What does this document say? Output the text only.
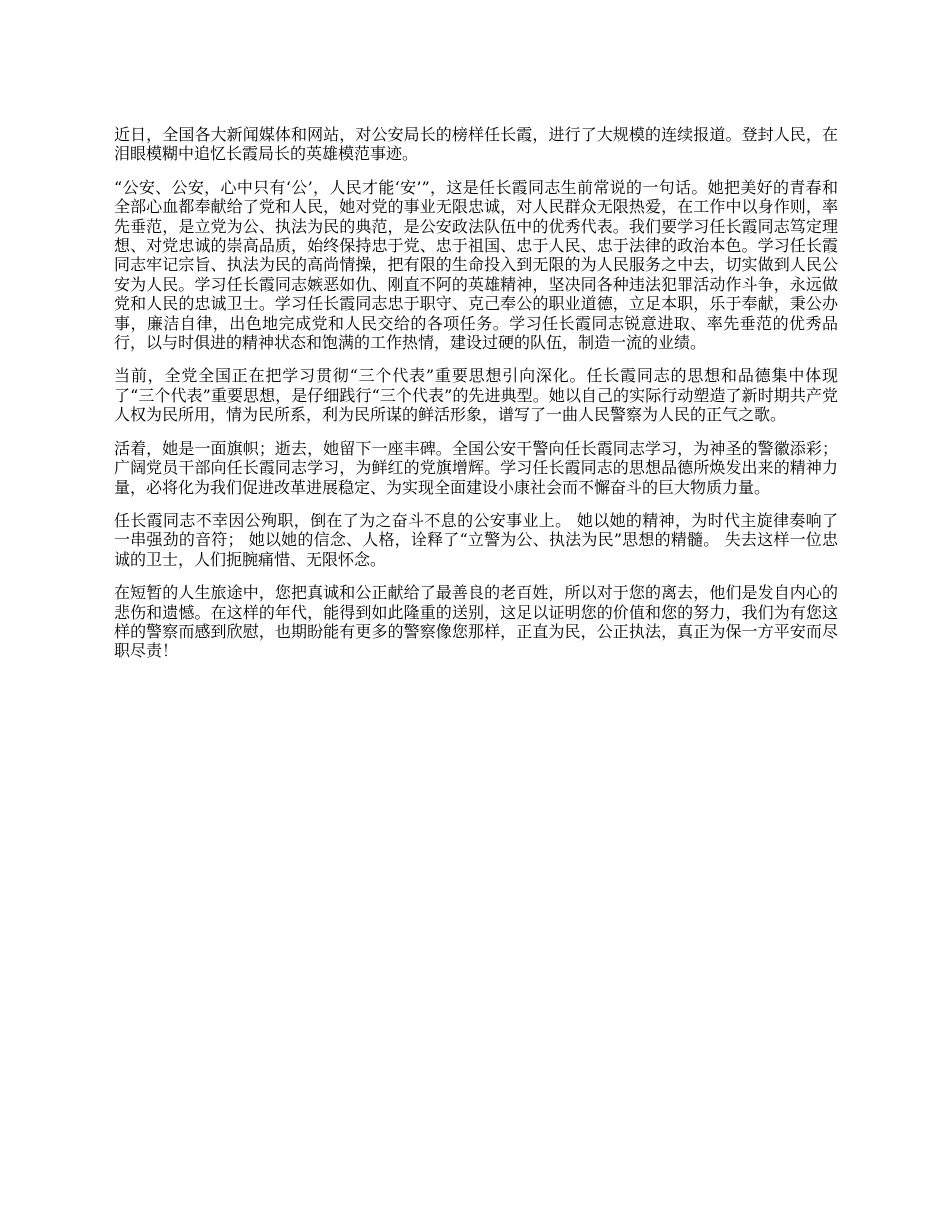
近日，全国各大新闻媒体和网站，对公安局长的榜样任长霞，进行了大规模的连续报道。登封人民，在泪眼模糊中追忆长霞局长的英雄模范事迹。

“公安、公安，心中只有‘公’，人民才能‘安’”，这是任长霞同志生前常说的一句话。她把美好的青春和全部心血都奉献给了党和人民，她对党的事业无限忠诚，对人民群众无限热爱，在工作中以身作则，率先垂范，是立党为公、执法为民的典范，是公安政法队伍中的优秀代表。我们要学习任长霞同志笃定理想、对党忠诚的崇高品质，始终保持忠于党、忠于祖国、忠于人民、忠于法律的政治本色。学习任长霞同志牢记宗旨、执法为民的高尚情操，把有限的生命投入到无限的为人民服务之中去，切实做到人民公安为人民。学习任长霞同志嫉恶如仇、刚直不阿的英雄精神，坚决同各种违法犯罪活动作斗争，永远做党和人民的忠诚卫士。学习任长霞同志忠于职守、克己奉公的职业道德，立足本职，乐于奉献，秉公办事，廉洁自律，出色地完成党和人民交给的各项任务。学习任长霞同志锐意进取、率先垂范的优秀品行，以与时俱进的精神状态和饱满的工作热情，建设过硬的队伍，制造一流的业绩。

当前，全党全国正在把学习贯彻“三个代表”重要思想引向深化。任长霞同志的思想和品德集中体现了“三个代表”重要思想，是仔细践行“三个代表”的先进典型。她以自己的实际行动塑造了新时期共产党人权为民所用，情为民所系，利为民所谋的鲜活形象，谱写了一曲人民警察为人民的正气之歌。

活着，她是一面旗帜；逝去，她留下一座丰碑。全国公安干警向任长霞同志学习，为神圣的警徽添彩；广阔党员干部向任长霞同志学习，为鲜红的党旗增辉。学习任长霞同志的思想品德所焕发出来的精神力量，必将化为我们促进改革进展稳定、为实现全面建设小康社会而不懈奋斗的巨大物质力量。

任长霞同志不幸因公殉职，倒在了为之奋斗不息的公安事业上。 她以她的精神，为时代主旋律奏响了一串强劲的音符； 她以她的信念、人格，诠释了“立警为公、执法为民”思想的精髓。 失去这样一位忠诚的卫士，人们扼腕痛惜、无限怀念。

在短暂的人生旅途中，您把真诚和公正献给了最善良的老百姓，所以对于您的离去，他们是发自内心的悲伤和遗憾。在这样的年代，能得到如此隆重的送别，这足以证明您的价值和您的努力，我们为有您这样的警察而感到欣慰，也期盼能有更多的警察像您那样，正直为民，公正执法，真正为保一方平安而尽职尽责！
